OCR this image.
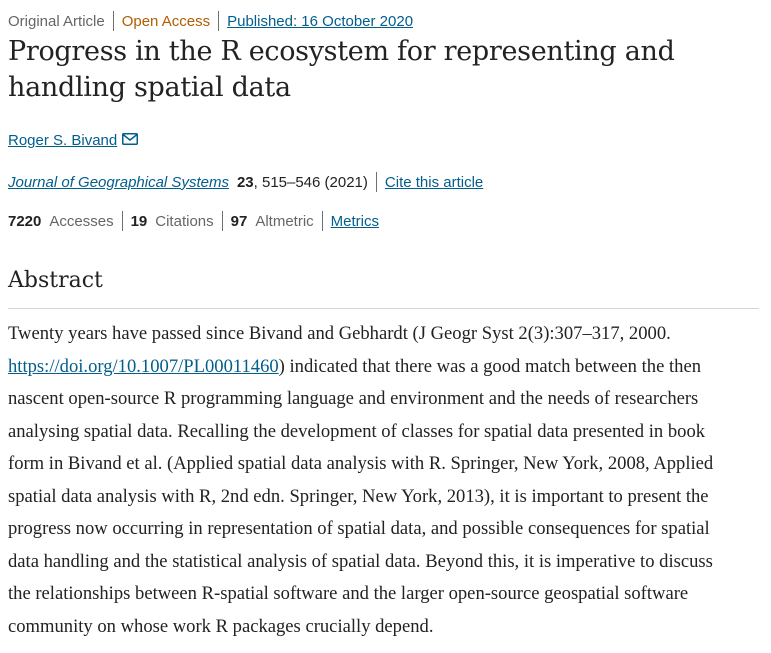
Original Article Open Access Published: 16 October 2020
Progress in the R ecosystem for representing and
handling spatial data
Roger S. Bivand
Journal of Geographical Systems 23 , 515–546 (2021) Cite this article
7220 Accesses 19 Citations 97 Altmetric Metrics
Abstract
Twenty years have passed since Bivand and Gebhardt (J Geogr Syst 2(3):307–317, 2000.
https://doi.org/10.1007/PL00011460) indicated that there was a good match between the then
nascent open-source R programming language and environment and the needs of researchers
analysing spatial data. Recalling the development of classes for spatial data presented in book
form in Bivand et al. (Applied spatial data analysis with R. Springer, New York, 2008, Applied
spatial data analysis with R, 2nd edn. Springer, New York, 2013), it is important to present the
progress now occurring in representation of spatial data, and possible consequences for spatial
data handling and the statistical analysis of spatial data. Beyond this, it is imperative to discuss
the relationships between R-spatial software and the larger open-source geospatial software
community on whose work R packages crucially depend.
